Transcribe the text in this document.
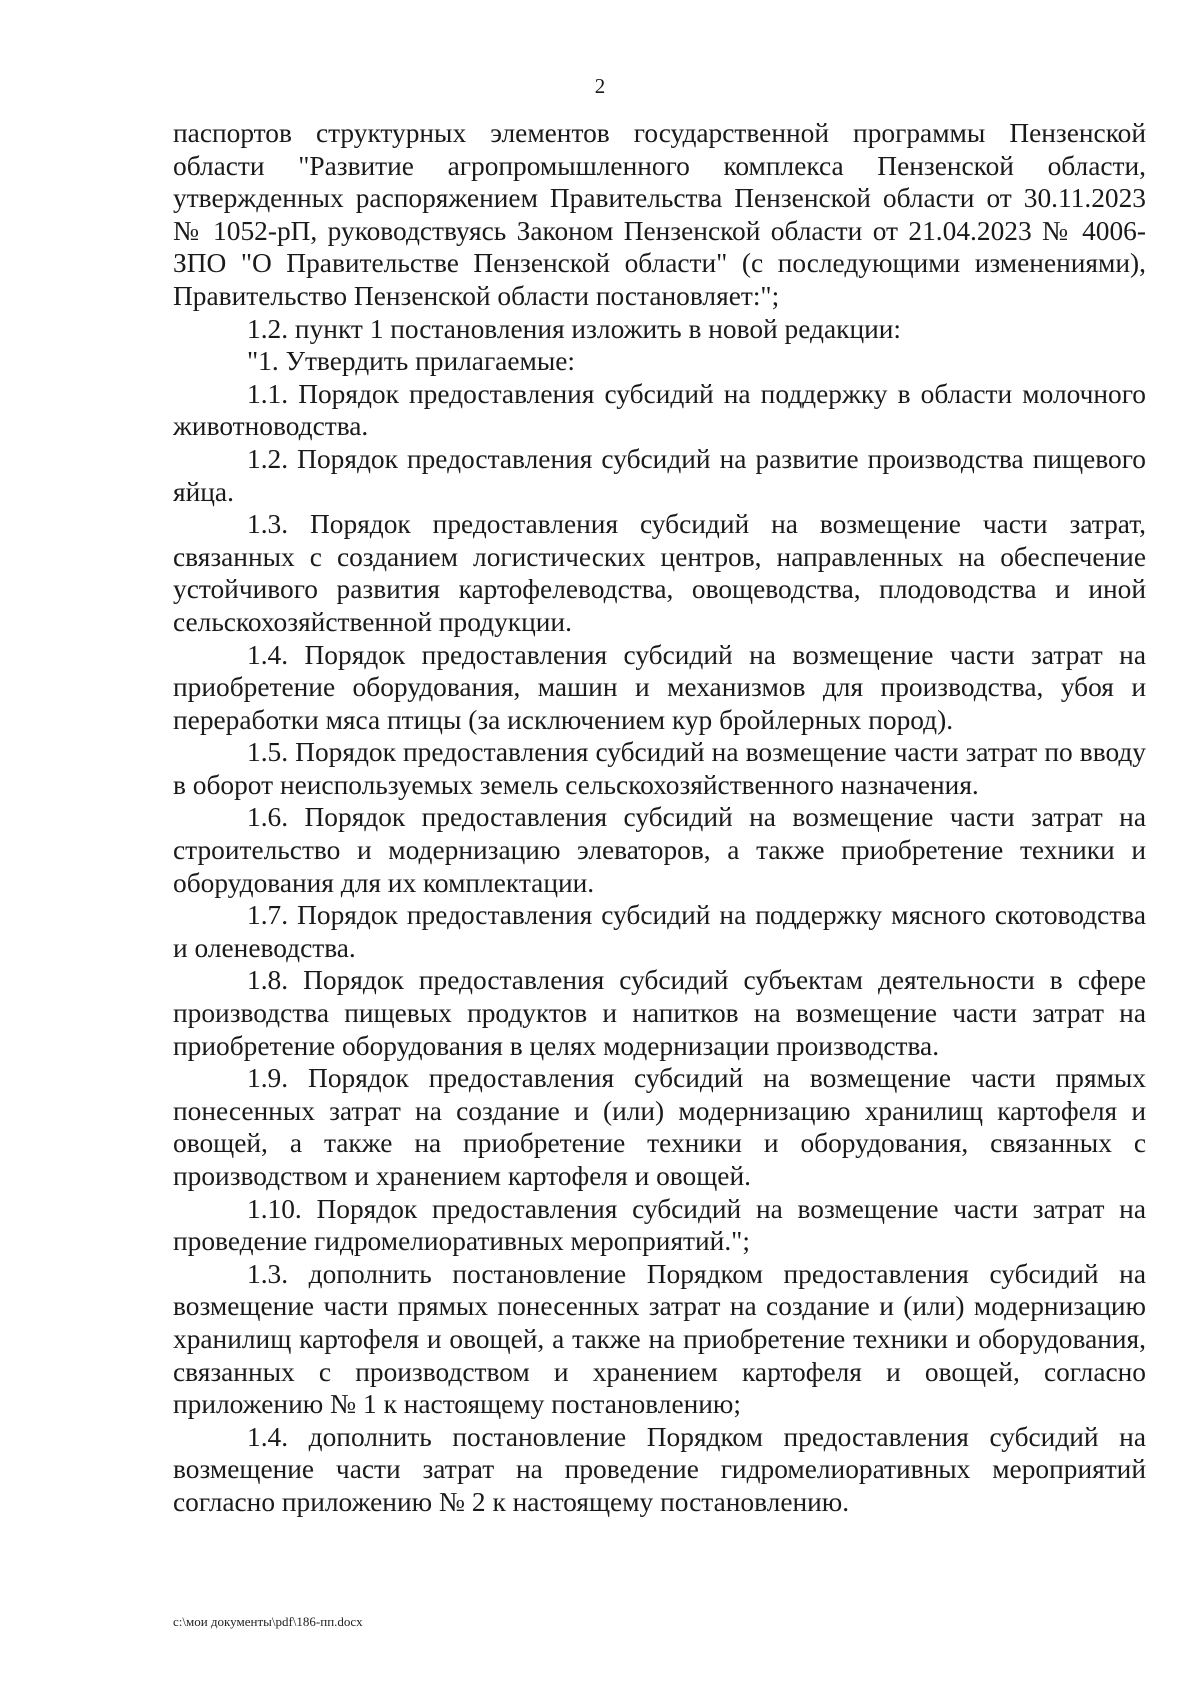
2

паспортов структурных элементов государственной программы Пензенской области "Развитие агропромышленного комплекса Пензенской области, утвержденных распоряжением Правительства Пензенской области от 30.11.2023 № 1052-рП, руководствуясь Законом Пензенской области от 21.04.2023 № 4006-ЗПО "О Правительстве Пензенской области" (с последующими изменениями), Правительство Пензенской области постановляет:";

1.2. пункт 1 постановления изложить в новой редакции:

"1. Утвердить прилагаемые:

1.1. Порядок предоставления субсидий на поддержку в области молочного животноводства.

1.2. Порядок предоставления субсидий на развитие производства пищевого яйца.

1.3. Порядок предоставления субсидий на возмещение части затрат, связанных с созданием логистических центров, направленных на обеспечение устойчивого развития картофелеводства, овощеводства, плодоводства и иной сельскохозяйственной продукции.

1.4. Порядок предоставления субсидий на возмещение части затрат на приобретение оборудования, машин и механизмов для производства, убоя и переработки мяса птицы (за исключением кур бройлерных пород).

1.5. Порядок предоставления субсидий на возмещение части затрат по вводу в оборот неиспользуемых земель сельскохозяйственного назначения.

1.6. Порядок предоставления субсидий на возмещение части затрат на строительство и модернизацию элеваторов, а также приобретение техники и оборудования для их комплектации.

1.7. Порядок предоставления субсидий на поддержку мясного скотоводства и оленеводства.

1.8. Порядок предоставления субсидий субъектам деятельности в сфере производства пищевых продуктов и напитков на возмещение части затрат на приобретение оборудования в целях модернизации производства.

1.9. Порядок предоставления субсидий на возмещение части прямых понесенных затрат на создание и (или) модернизацию хранилищ картофеля и овощей, а также на приобретение техники и оборудования, связанных с производством и хранением картофеля и овощей.

1.10. Порядок предоставления субсидий на возмещение части затрат на проведение гидромелиоративных мероприятий.";

1.3. дополнить постановление Порядком предоставления субсидий на возмещение части прямых понесенных затрат на создание и (или) модернизацию хранилищ картофеля и овощей, а также на приобретение техники и оборудования, связанных с производством и хранением картофеля и овощей, согласно приложению № 1 к настоящему постановлению;

1.4. дополнить постановление Порядком предоставления субсидий на возмещение части затрат на проведение гидромелиоративных мероприятий согласно приложению № 2 к настоящему постановлению.

c:\мои документы\pdf\186-пп.docx
